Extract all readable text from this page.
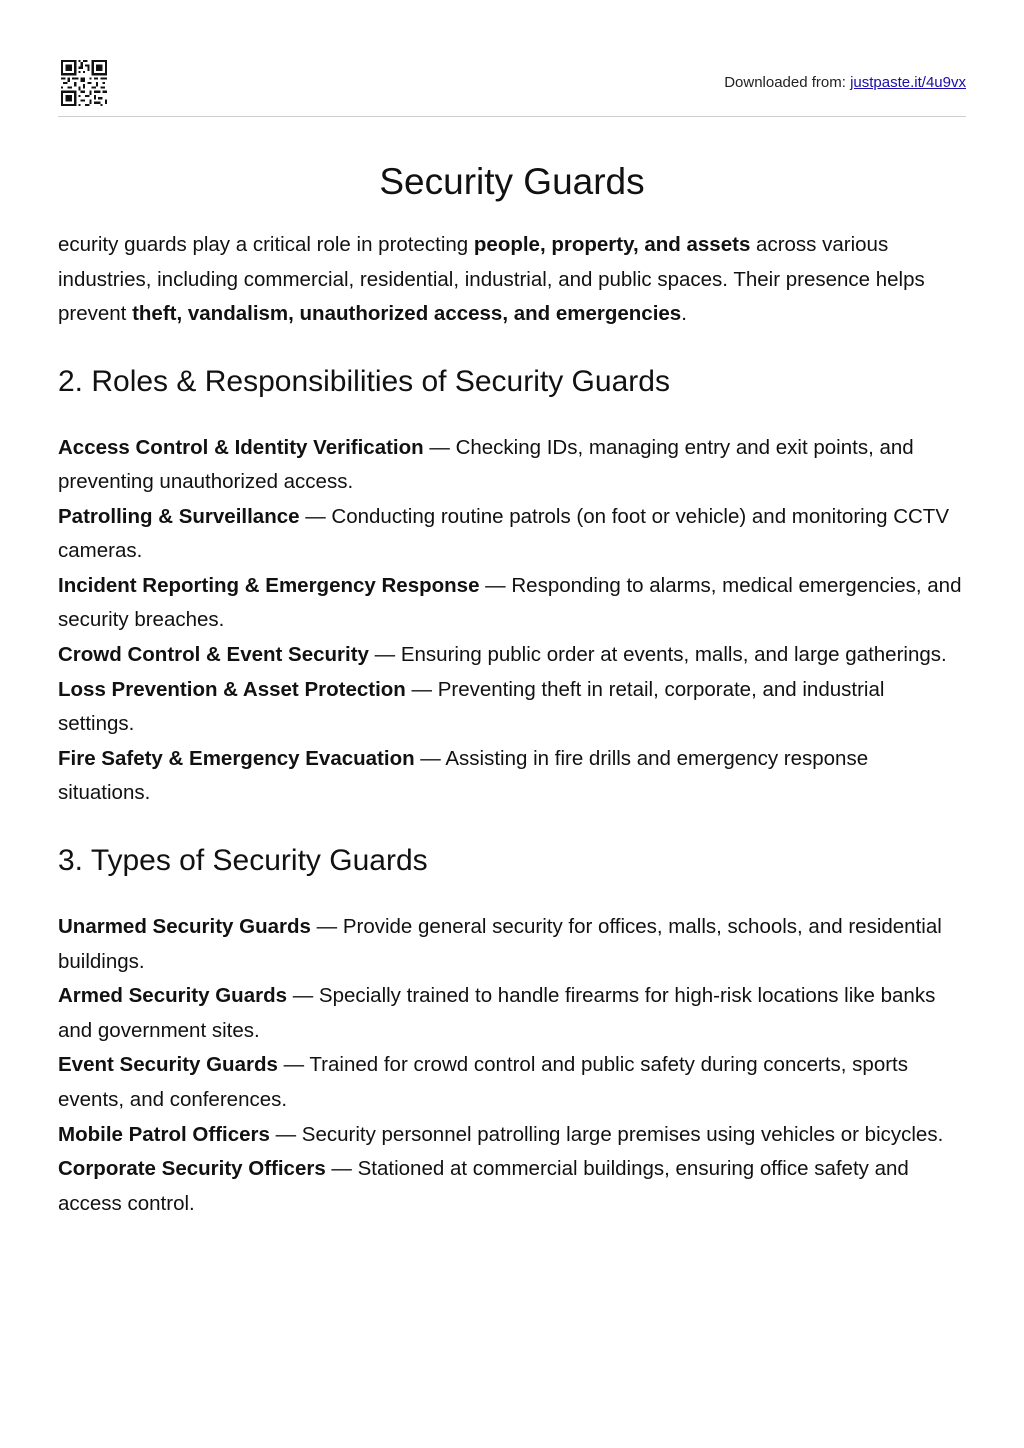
Downloaded from: justpaste.it/4u9vx
Security Guards

ecurity guards play a critical role in protecting people, property, and assets across various industries, including commercial, residential, industrial, and public spaces. Their presence helps prevent theft, vandalism, unauthorized access, and emergencies.

2. Roles & Responsibilities of Security Guards
Access Control & Identity Verification — Checking IDs, managing entry and exit points, and preventing unauthorized access.
Patrolling & Surveillance — Conducting routine patrols (on foot or vehicle) and monitoring CCTV cameras.
Incident Reporting & Emergency Response — Responding to alarms, medical emergencies, and security breaches.
Crowd Control & Event Security — Ensuring public order at events, malls, and large gatherings.
Loss Prevention & Asset Protection — Preventing theft in retail, corporate, and industrial settings.
Fire Safety & Emergency Evacuation — Assisting in fire drills and emergency response situations.
3. Types of Security Guards
Unarmed Security Guards — Provide general security for offices, malls, schools, and residential buildings.
Armed Security Guards — Specially trained to handle firearms for high-risk locations like banks and government sites.
Event Security Guards — Trained for crowd control and public safety during concerts, sports events, and conferences.
Mobile Patrol Officers — Security personnel patrolling large premises using vehicles or bicycles.
Corporate Security Officers — Stationed at commercial buildings, ensuring office safety and access control.
